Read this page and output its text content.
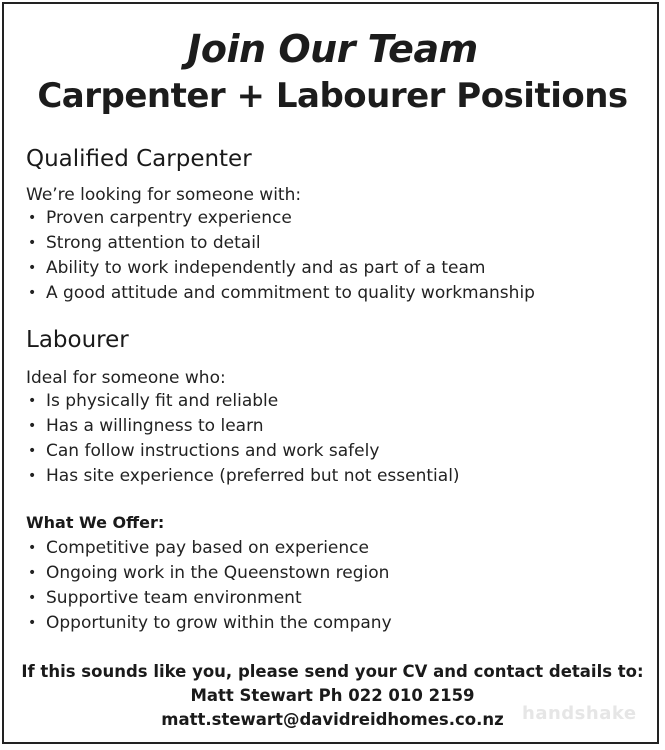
Join Our Team
Carpenter + Labourer Positions
Qualified Carpenter
We’re looking for someone with:
• Proven carpentry experience
• Strong attention to detail
• Ability to work independently and as part of a team
• A good attitude and commitment to quality workmanship
Labourer
Ideal for someone who:
• Is physically fit and reliable
• Has a willingness to learn
• Can follow instructions and work safely
• Has site experience (preferred but not essential)
What We Offer:
• Competitive pay based on experience
• Ongoing work in the Queenstown region
• Supportive team environment
• Opportunity to grow within the company
If this sounds like you, please send your CV and contact details to:
Matt Stewart Ph 022 010 2159
matt.stewart@davidreidhomes.co.nz	handshake
